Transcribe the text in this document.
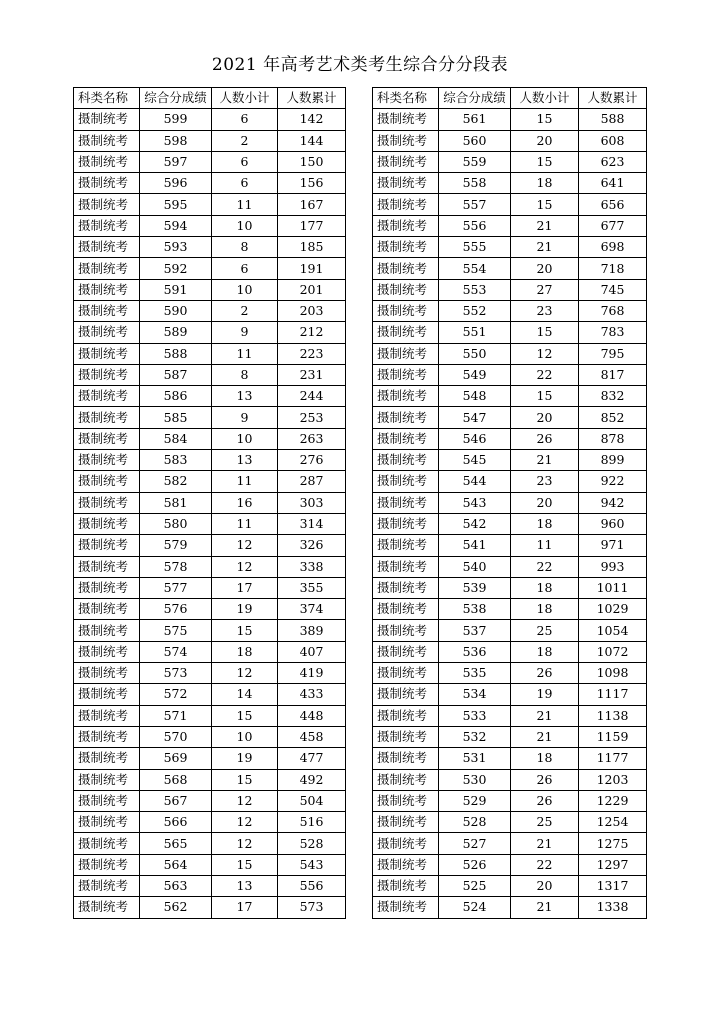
2021 年高考艺术类考生综合分分段表
科类名称	综合分成绩	人数小计	人数累计
摄制统考	599	6	142
摄制统考	598	2	144
摄制统考	597	6	150
摄制统考	596	6	156
摄制统考	595	11	167
摄制统考	594	10	177
摄制统考	593	8	185
摄制统考	592	6	191
摄制统考	591	10	201
摄制统考	590	2	203
摄制统考	589	9	212
摄制统考	588	11	223
摄制统考	587	8	231
摄制统考	586	13	244
摄制统考	585	9	253
摄制统考	584	10	263
摄制统考	583	13	276
摄制统考	582	11	287
摄制统考	581	16	303
摄制统考	580	11	314
摄制统考	579	12	326
摄制统考	578	12	338
摄制统考	577	17	355
摄制统考	576	19	374
摄制统考	575	15	389
摄制统考	574	18	407
摄制统考	573	12	419
摄制统考	572	14	433
摄制统考	571	15	448
摄制统考	570	10	458
摄制统考	569	19	477
摄制统考	568	15	492
摄制统考	567	12	504
摄制统考	566	12	516
摄制统考	565	12	528
摄制统考	564	15	543
摄制统考	563	13	556
摄制统考	562	17	573
科类名称	综合分成绩	人数小计	人数累计
摄制统考	561	15	588
摄制统考	560	20	608
摄制统考	559	15	623
摄制统考	558	18	641
摄制统考	557	15	656
摄制统考	556	21	677
摄制统考	555	21	698
摄制统考	554	20	718
摄制统考	553	27	745
摄制统考	552	23	768
摄制统考	551	15	783
摄制统考	550	12	795
摄制统考	549	22	817
摄制统考	548	15	832
摄制统考	547	20	852
摄制统考	546	26	878
摄制统考	545	21	899
摄制统考	544	23	922
摄制统考	543	20	942
摄制统考	542	18	960
摄制统考	541	11	971
摄制统考	540	22	993
摄制统考	539	18	1011
摄制统考	538	18	1029
摄制统考	537	25	1054
摄制统考	536	18	1072
摄制统考	535	26	1098
摄制统考	534	19	1117
摄制统考	533	21	1138
摄制统考	532	21	1159
摄制统考	531	18	1177
摄制统考	530	26	1203
摄制统考	529	26	1229
摄制统考	528	25	1254
摄制统考	527	21	1275
摄制统考	526	22	1297
摄制统考	525	20	1317
摄制统考	524	21	1338
